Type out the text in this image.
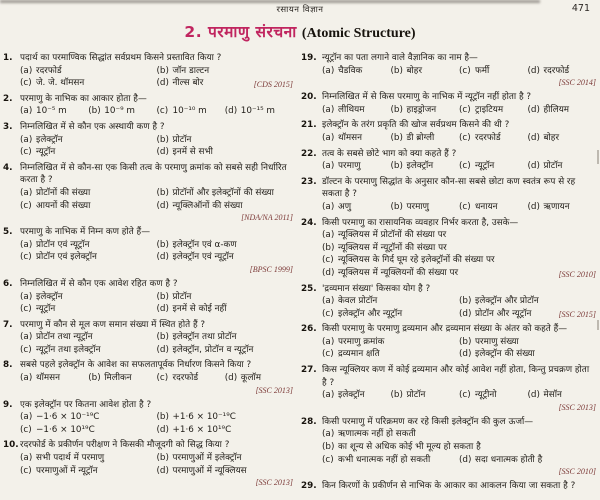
रसायन विज्ञान	471
2. परमाणु संरचना (Atomic Structure)
1. पदार्थ का परमाण्विक सिद्धांत सर्वप्रथम किसने प्रस्तावित किया ?
(a) रदरफोर्ड	(b) जॉन डाल्टन
(c) जे. जे. थॉमसन	(d) नील्स बोर	[CDS 2015]
2. परमाणु के नाभिक का आकार होता है—
(a) 10⁻⁵ m	(b) 10⁻⁹ m	(c) 10⁻¹⁰ m	(d) 10⁻¹⁵ m
3. निम्नलिखित में से कौन एक अस्थायी कण है ?
(a) इलेक्ट्रॉन	(b) प्रोटॉन
(c) न्यूट्रॉन	(d) इनमें से सभी
4. निम्नलिखित में से कौन-सा एक किसी तत्व के परमाणु क्रमांक को सबसे सही निर्धारित करता है ?
(a) प्रोटॉनों की संख्या	(b) प्रोटॉनों और इलेक्ट्रॉनों की संख्या
(c) आयनों की संख्या	(d) न्यूक्लिऑनों की संख्या
[NDA/NA 2011]
5. परमाणु के नाभिक में निम्न कण होते हैं—
(a) प्रोटॉन एवं न्यूट्रॉन	(b) इलेक्ट्रॉन एवं α-कण
(c) प्रोटॉन एवं इलेक्ट्रॉन	(d) इलेक्ट्रॉन एवं न्यूट्रॉन
[BPSC 1999]
6. निम्नलिखित में से कौन एक आवेश रहित कण है ?
(a) इलेक्ट्रॉन	(b) प्रोटॉन
(c) न्यूट्रॉन	(d) इनमें से कोई नहीं
7. परमाणु में कौन से मूल कण समान संख्या में स्थित होते हैं ?
(a) प्रोटॉन तथा न्यूट्रॉन	(b) इलेक्ट्रॉन तथा प्रोटॉन
(c) न्यूट्रॉन तथा इलेक्ट्रॉन	(d) इलेक्ट्रॉन, प्रोटॉन व न्यूट्रॉन
8. सबसे पहले इलेक्ट्रॉन के आवेश का सफलतापूर्वक निर्धारण किसने किया ?
(a) थॉमसन	(b) मिलीकन	(c) रदरफोर्ड	(d) कूलॉम
[SSC 2013]
9. एक इलेक्ट्रॉन पर कितना आवेश होता है ?
(a) −1·6 × 10⁻¹⁹C	(b) +1·6 × 10⁻¹⁹C
(c) −1·6 × 10¹⁹C	(d) +1·6 × 10¹⁹C
10. रदरफोर्ड के प्रकीर्णन परीक्षण ने किसकी मौजूदगी को सिद्ध किया ?
(a) सभी पदार्थ में परमाणु	(b) परमाणुओं में इलेक्ट्रॉन
(c) परमाणुओं में न्यूट्रॉन	(d) परमाणुओं में न्यूक्लियस
[SSC 2013]
19. न्यूट्रॉन का पता लगाने वाले वैज्ञानिक का नाम है—
(a) चैडविक	(b) बोहर	(c) फर्मी	(d) रदरफोर्ड
[SSC 2014]
20. निम्नलिखित में से किस परमाणु के नाभिक में न्यूट्रॉन नहीं होता है ?
(a) लीथियम	(b) हाइड्रोजन	(c) ट्राइटियम	(d) हीलियम
21. इलेक्ट्रॉन के तरंग प्रकृति की खोज सर्वप्रथम किसने की थी ?
(a) थॉमसन	(b) डी ब्रोग्ली	(c) रदरफोर्ड	(d) बोहर
22. तत्व के सबसे छोटे भाग को क्या कहते हैं ?
(a) परमाणु	(b) इलेक्ट्रॉन	(c) न्यूट्रॉन	(d) प्रोटॉन
23. डॉल्टन के परमाणु सिद्धांत के अनुसार कौन-सा सबसे छोटा कण स्वतंत्र रूप से रह सकता है ?
(a) अणु	(b) परमाणु	(c) धनायन	(d) ऋणायन
24. किसी परमाणु का रासायनिक व्यवहार निर्भर करता है, उसके—
(a) न्यूक्लियस में प्रोटॉनों की संख्या पर
(b) न्यूक्लियस में न्यूट्रॉनों की संख्या पर
(c) न्यूक्लियस के गिर्द घूम रहे इलेक्ट्रॉनों की संख्या पर
(d) न्यूक्लियस में न्यूक्लियनों की संख्या पर	[SSC 2010]
25. 'द्रव्यमान संख्या' किसका योग है ?
(a) केवल प्रोटॉन	(b) इलेक्ट्रॉन और प्रोटॉन
(c) इलेक्ट्रॉन और न्यूट्रॉन	(d) प्रोटॉन और न्यूट्रॉन	[SSC 2015]
26. किसी परमाणु के परमाणु द्रव्यमान और द्रव्यमान संख्या के अंतर को कहते हैं—
(a) परमाणु क्रमांक	(b) परमाणु संख्या
(c) द्रव्यमान क्षति	(d) इलेक्ट्रॉन की संख्या
27. किस न्यूक्लियर कण में कोई द्रव्यमान और कोई आवेश नहीं होता, किन्तु प्रचक्रण होता है ?
(a) इलेक्ट्रॉन	(b) प्रोटॉन	(c) न्यूट्रीनो	(d) मेसॉन
[SSC 2013]
28. किसी परमाणु में परिक्रमण कर रहे किसी इलेक्ट्रॉन की कुल ऊर्जा—
(a) ऋणात्मक नहीं हो सकती
(b) का शून्य से अधिक कोई भी मूल्य हो सकता है
(c) कभी धनात्मक नहीं हो सकती	(d) सदा धनात्मक होती है
[SSC 2010]
29. किन किरणों के प्रकीर्णन से नाभिक के आकार का आकलन किया जा सकता है ?
